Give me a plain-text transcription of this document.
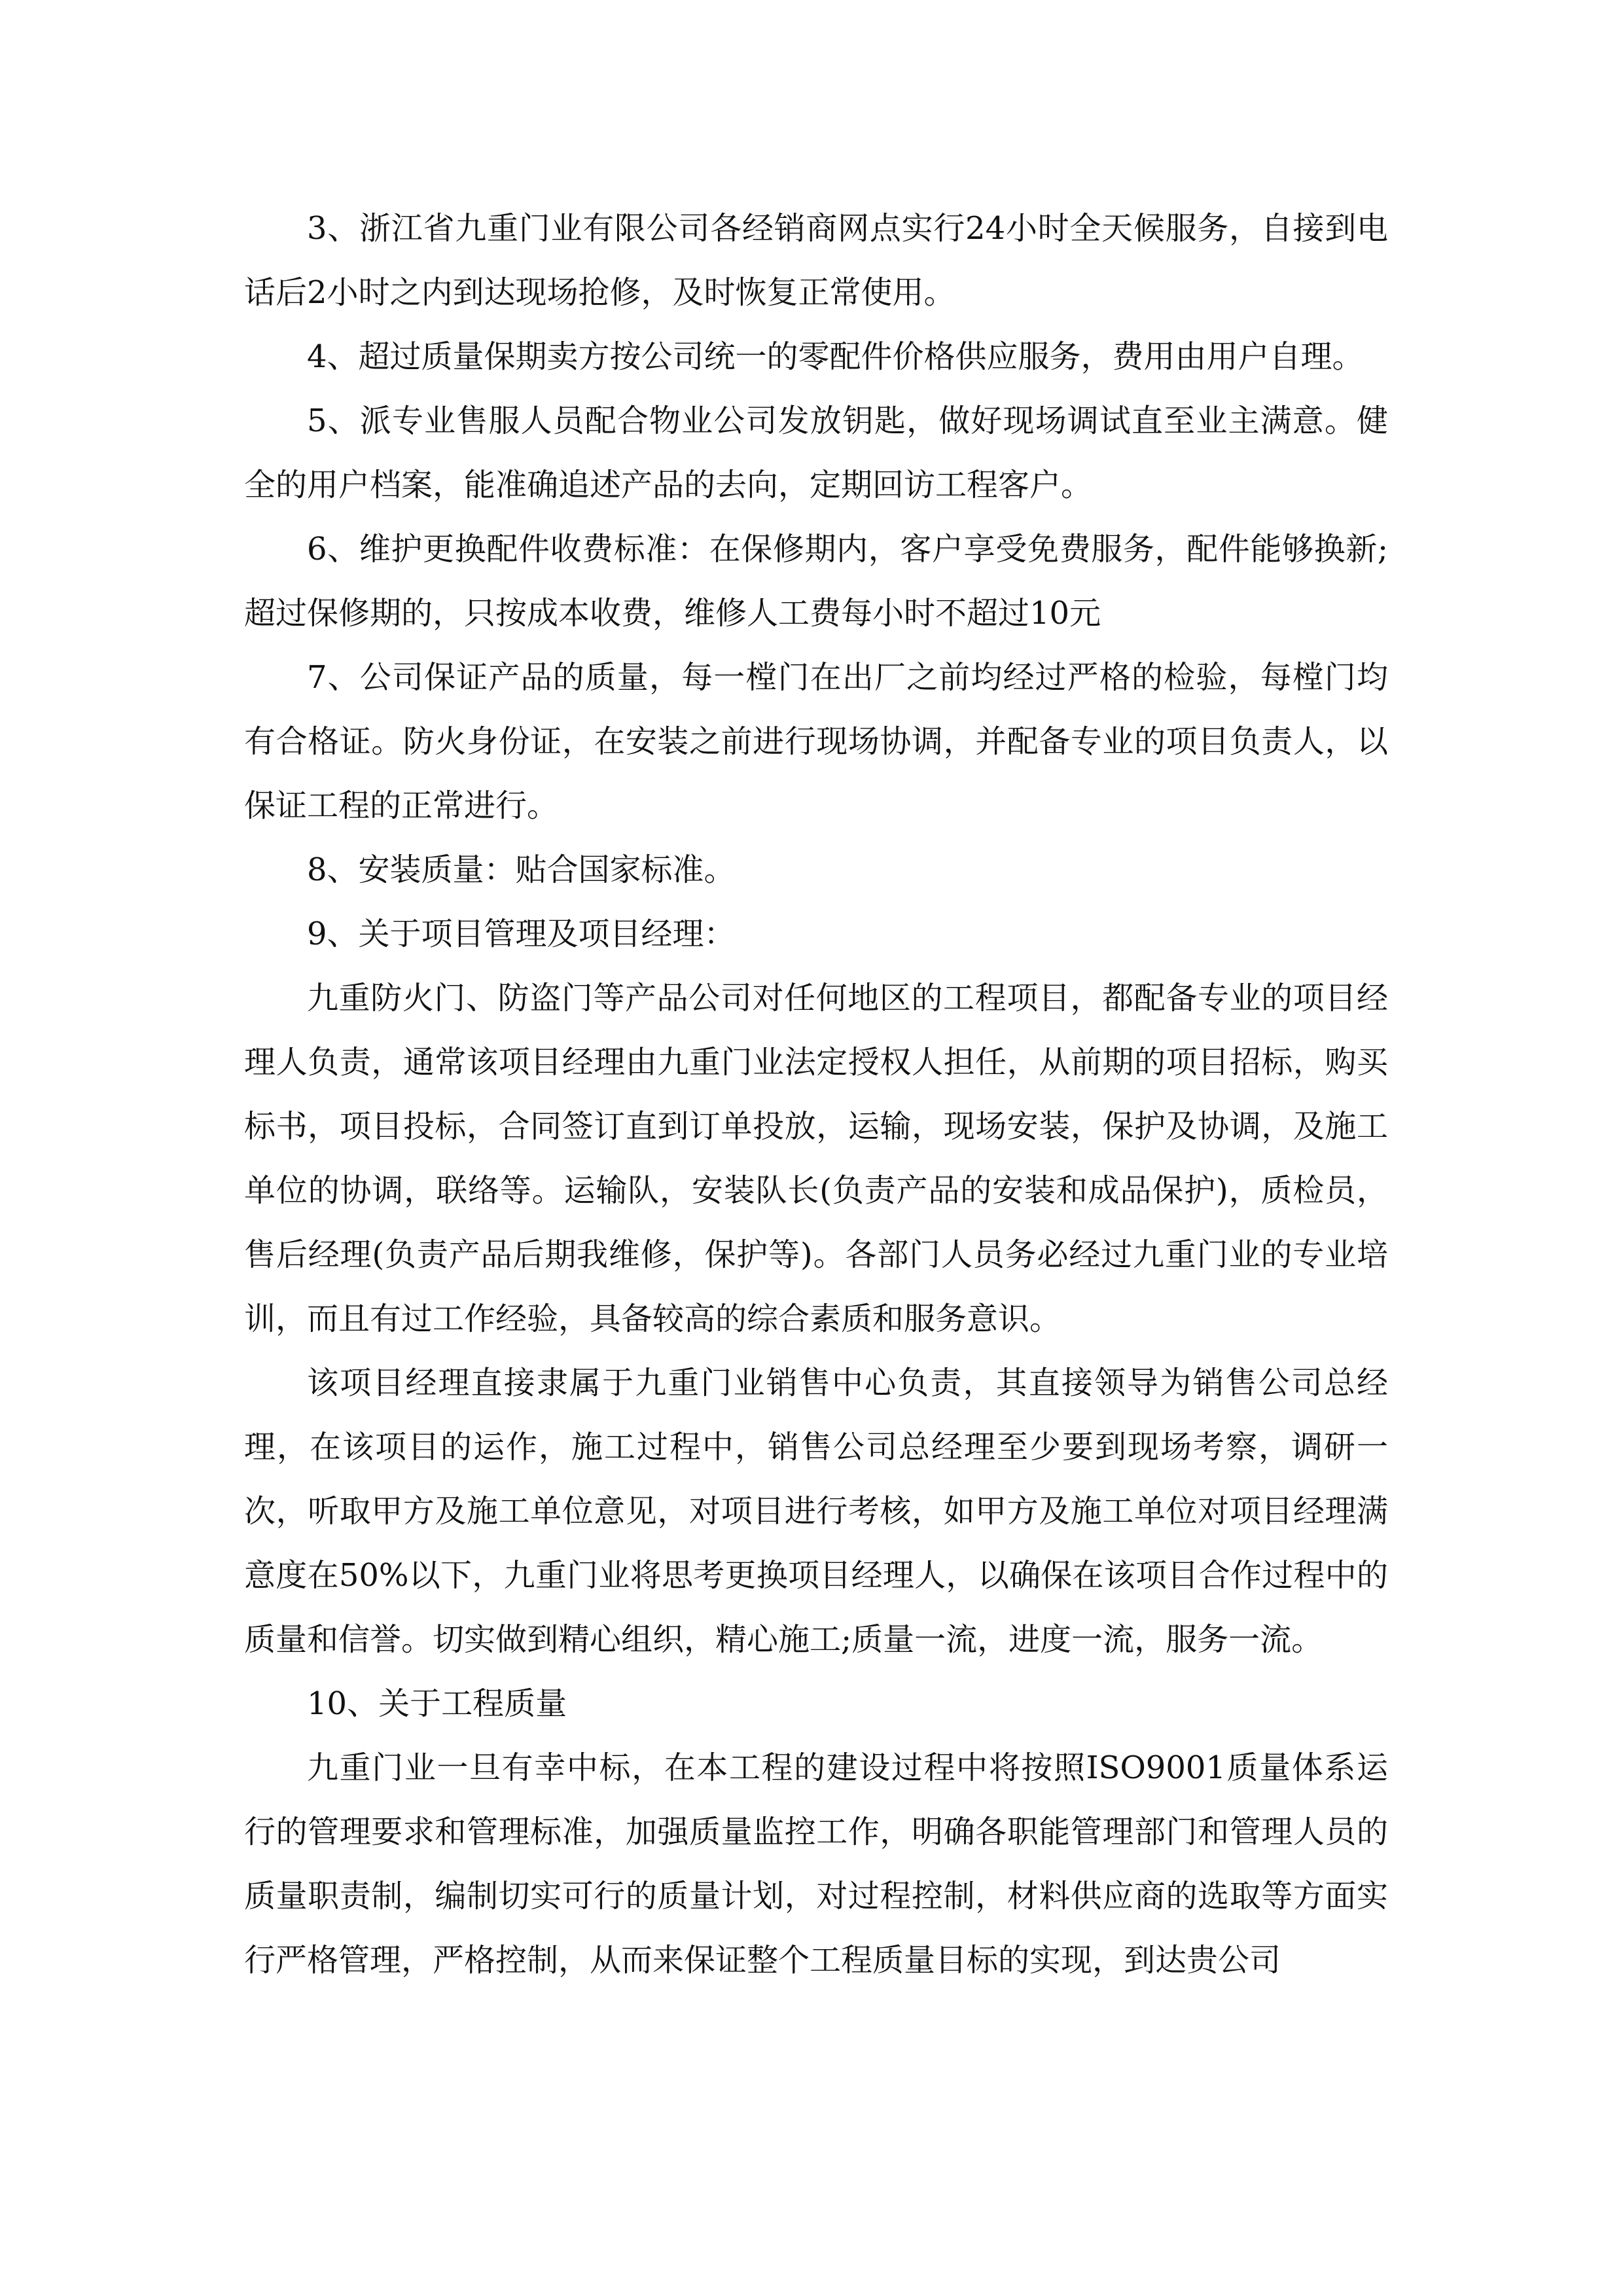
3、浙江省九重门业有限公司各经销商网点实行24小时全天候服务，自接到电话后2小时之内到达现场抢修，及时恢复正常使用。

4、超过质量保期卖方按公司统一的零配件价格供应服务，费用由用户自理。

5、派专业售服人员配合物业公司发放钥匙，做好现场调试直至业主满意。健全的用户档案，能准确追述产品的去向，定期回访工程客户。

6、维护更换配件收费标准：在保修期内，客户享受免费服务，配件能够换新;超过保修期的，只按成本收费，维修人工费每小时不超过10元

7、公司保证产品的质量，每一樘门在出厂之前均经过严格的检验，每樘门均有合格证。防火身份证，在安装之前进行现场协调，并配备专业的项目负责人，以保证工程的正常进行。

8、安装质量：贴合国家标准。

9、关于项目管理及项目经理：

九重防火门、防盗门等产品公司对任何地区的工程项目，都配备专业的项目经理人负责，通常该项目经理由九重门业法定授权人担任，从前期的项目招标，购买标书，项目投标，合同签订直到订单投放，运输，现场安装，保护及协调，及施工单位的协调，联络等。运输队，安装队长(负责产品的安装和成品保护)，质检员，售后经理(负责产品后期我维修，保护等)。各部门人员务必经过九重门业的专业培训，而且有过工作经验，具备较高的综合素质和服务意识。

该项目经理直接隶属于九重门业销售中心负责，其直接领导为销售公司总经理，在该项目的运作，施工过程中，销售公司总经理至少要到现场考察，调研一次，听取甲方及施工单位意见，对项目进行考核，如甲方及施工单位对项目经理满意度在50%以下，九重门业将思考更换项目经理人，以确保在该项目合作过程中的质量和信誉。切实做到精心组织，精心施工;质量一流，进度一流，服务一流。

10、关于工程质量

九重门业一旦有幸中标，在本工程的建设过程中将按照ISO9001质量体系运行的管理要求和管理标准，加强质量监控工作，明确各职能管理部门和管理人员的质量职责制，编制切实可行的质量计划，对过程控制，材料供应商的选取等方面实行严格管理，严格控制，从而来保证整个工程质量目标的实现，到达贵公司
